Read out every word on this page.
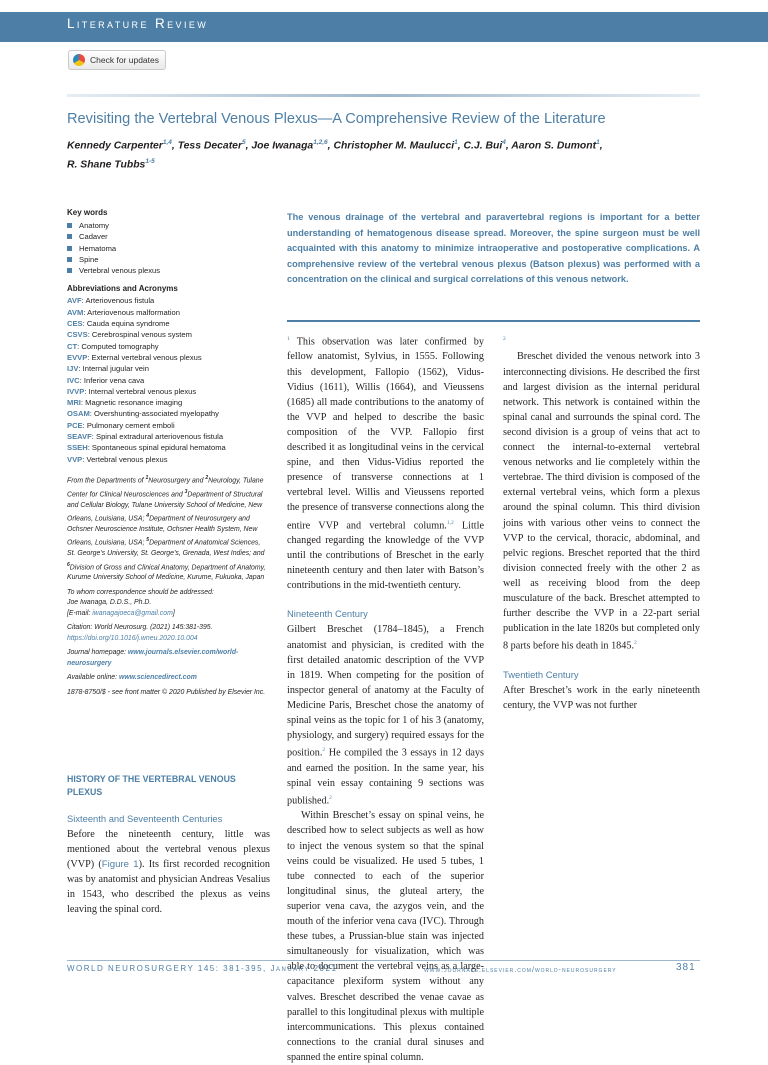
Literature Review
Check for updates
Revisiting the Vertebral Venous Plexus—A Comprehensive Review of the Literature
Kennedy Carpenter$^{1,4}$, Tess Decater$^5$, Joe Iwanaga$^{1,2,6}$, Christopher M. Maulucci$^1$, C.J. Bui$^4$, Aaron S. Dumont$^1$,
R. Shane Tubbs$^{1-5}$
Key words
Anatomy
Cadaver
Hematoma
Spine
Vertebral venous plexus
Abbreviations and Acronyms
AVF: Arteriovenous fistula
AVM: Arteriovenous malformation
CES: Cauda equina syndrome
CSVS: Cerebrospinal venous system
CT: Computed tomography
EVVP: External vertebral venous plexus
IJV: Internal jugular vein
IVC: Inferior vena cava
IVVP: Internal vertebral venous plexus
MRI: Magnetic resonance imaging
OSAM: Overshunting-associated myelopathy
PCE: Pulmonary cement emboli
SEAVF: Spinal extradural arteriovenous fistula
SSEH: Spontaneous spinal epidural hematoma
VVP: Vertebral venous plexus
From the Departments of $^1$Neurosurgery and $^2$Neurology, Tulane Center for Clinical Neurosciences and $^3$Department of Structural and Cellular Biology, Tulane University School of Medicine, New Orleans, Louisiana, USA; $^4$Department of Neurosurgery and Ochsner Neuroscience Institute, Ochsner Health System, New Orleans, Louisiana, USA; $^5$Department of Anatomical Sciences, St. George’s University, St. George’s, Grenada, West Indies; and $^6$Division of Gross and Clinical Anatomy, Department of Anatomy, Kurume University School of Medicine, Kurume, Fukuoka, Japan
To whom correspondence should be addressed:
Joe Iwanaga, D.D.S., Ph.D.
[E-mail: iwanagajoeca@gmail.com]
Citation: World Neurosurg. (2021) 145:381-395.
https://doi.org/10.1016/j.wneu.2020.10.004
Journal homepage: www.journals.elsevier.com/world-neurosurgery
Available online: www.sciencedirect.com
1878-8750/$ - see front matter © 2020 Published by Elsevier Inc.
HISTORY OF THE VERTEBRAL VENOUS PLEXUS
Sixteenth and Seventeenth Centuries

Before the nineteenth century, little was mentioned about the vertebral venous plexus (VVP) (Figure 1). Its first recorded recognition was by anatomist and physician Andreas Vesalius in 1543, who described the plexus as veins leaving the spinal cord.

The venous drainage of the vertebral and paravertebral regions is important for a better understanding of hematogenous disease spread. Moreover, the spine surgeon must be well acquainted with this anatomy to minimize intraoperative and postoperative complications. A comprehensive review of the vertebral venous plexus (Batson plexus) was performed with a concentration on the clinical and surgical correlations of this venous network.

$^1$ This observation was later confirmed by fellow anatomist, Sylvius, in 1555. Following this development, Fallopio (1562), Vidus-Vidius (1611), Willis (1664), and Vieussens (1685) all made contributions to the anatomy of the VVP and helped to describe the basic composition of the VVP. Fallopio first described it as longitudinal veins in the cervical spine, and then Vidus-Vidius reported the presence of transverse connections at 1 vertebral level. Willis and Vieussens reported the presence of transverse connections along the entire VVP and vertebral column.$^{1,2}$ Little changed regarding the knowledge of the VVP until the contributions of Breschet in the early nineteenth century and then later with Batson’s contributions in the mid-twentieth century.

Nineteenth Century

Gilbert Breschet (1784–1845), a French anatomist and physician, is credited with the first detailed anatomic description of the VVP in 1819. When competing for the position of inspector general of anatomy at the Faculty of Medicine Paris, Breschet chose the anatomy of spinal veins as the topic for 1 of his 3 (anatomy, physiology, and surgery) required essays for the position.$^2$ He compiled the 3 essays in 12 days and earned the position. In the same year, his spinal vein essay containing 9 sections was published.$^2$

Within Breschet’s essay on spinal veins, he described how to select subjects as well as how to inject the venous system so that the spinal veins could be visualized. He used 5 tubes, 1 tube connected to each of the superior longitudinal sinus, the gluteal artery, the superior vena cava, the azygos vein, and the mouth of the inferior vena cava (IVC). Through these tubes, a Prussian-blue stain was injected simultaneously for visualization, which was able to document the vertebral veins as a large-capacitance plexiform system without any valves. Breschet described the venae cavae as parallel to this longitudinal plexus with multiple intercommunications. This plexus contained connections to the cranial dural sinuses and spanned the entire spinal column.

$^2$

Breschet divided the venous network into 3 interconnecting divisions. He described the first and largest division as the internal peridural network. This network is contained within the spinal canal and surrounds the spinal cord. The second division is a group of veins that act to connect the internal-to-external vertebral venous networks and lie completely within the vertebrae. The third division is composed of the external vertebral veins, which form a plexus around the spinal column. This third division joins with various other veins to connect the VVP to the cervical, thoracic, abdominal, and pelvic regions. Breschet reported that the third division connected freely with the other 2 as well as receiving blood from the deep musculature of the back. Breschet attempted to further describe the VVP in a 22-part serial publication in the late 1820s but completed only 8 parts before his death in 1845.$^2$

Twentieth Century

After Breschet’s work in the early nineteenth century, the VVP was not further

WORLD NEUROSURGERY 145: 381-395, January 2021	www.journals.elsevier.com/world-neurosurgery	381
